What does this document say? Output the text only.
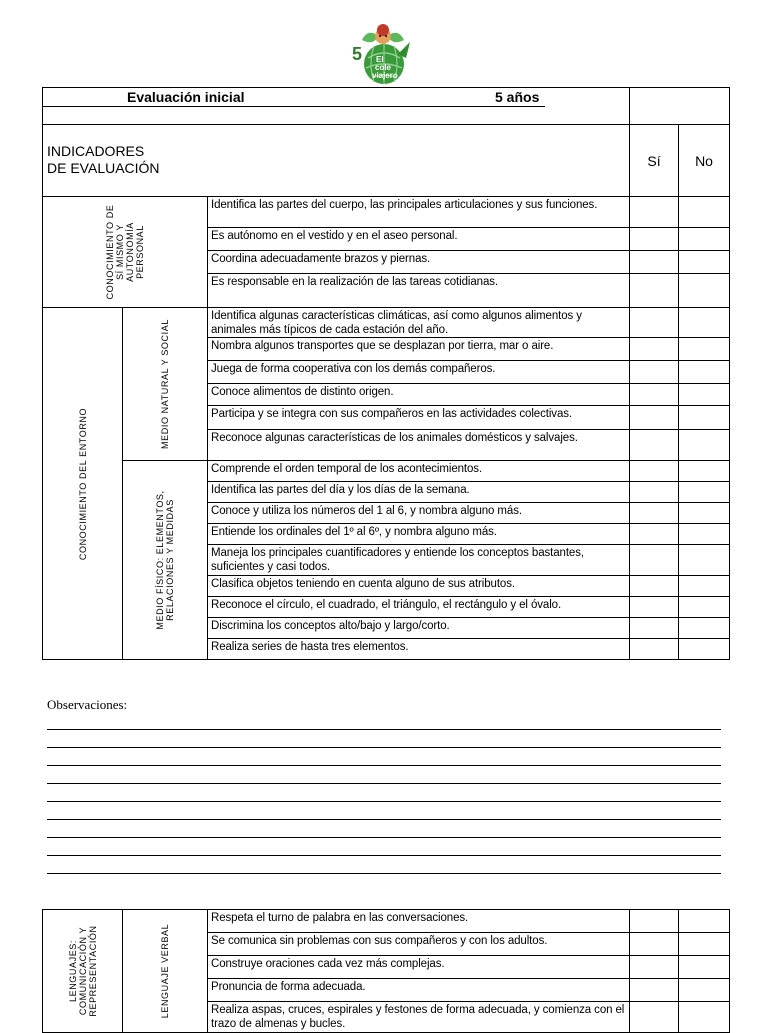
5 El
cole
viajero
Evaluación inicial 5 años				

INDICADORES
DE EVALUACIÓN			Sí	No

CONOCIMIENTO DE
SÍ MISMO Y
AUTONOMÍA
PERSONAL		Identifica las partes del cuerpo, las principales articulaciones y sus funciones.		
		Es autónomo en el vestido y en el aseo personal.		
		Coordina adecuadamente brazos y piernas.		
		Es responsable en la realización de las tareas cotidianas.		

CONOCIMIENTO DEL ENTORNO	MEDIO NATURAL Y SOCIAL	Identifica algunas características climáticas, así como algunos alimentos y animales más típicos de cada estación del año.		
		Nombra algunos transportes que se desplazan por tierra, mar o aire.		
		Juega de forma cooperativa con los demás compañeros.		
		Conoce alimentos de distinto origen.		
		Participa y se integra con sus compañeros en las actividades colectivas.		
		Reconoce algunas características de los animales domésticos y salvajes.		

	MEDIO FÍSICO: ELEMENTOS,
RELACIONES Y MEDIDAS	Comprende el orden temporal de los acontecimientos.		
		Identifica las partes del día y los días de la semana.		
		Conoce y utiliza los números del 1 al 6, y nombra alguno más.		
		Entiende los ordinales del 1º al 6º, y nombra alguno más.		
		Maneja los principales cuantificadores y entiende los conceptos bastantes, suficientes y casi todos.		
		Clasifica objetos teniendo en cuenta alguno de sus atributos.		
		Reconoce el círculo, el cuadrado, el triángulo, el rectángulo y el óvalo.		
		Discrimina los conceptos alto/bajo y largo/corto.		
		Realiza series de hasta tres elementos.		
Observaciones:
LENGUAJES:
COMUNICACIÓN Y
REPRESENTACIÓN	LENGUAJE VERBAL	Respeta el turno de palabra en las conversaciones.		
		Se comunica sin problemas con sus compañeros y con los adultos.		
		Construye oraciones cada vez más complejas.		
		Pronuncia de forma adecuada.		
		Realiza aspas, cruces, espirales y festones de forma adecuada, y comienza con el trazo de almenas y bucles.		
